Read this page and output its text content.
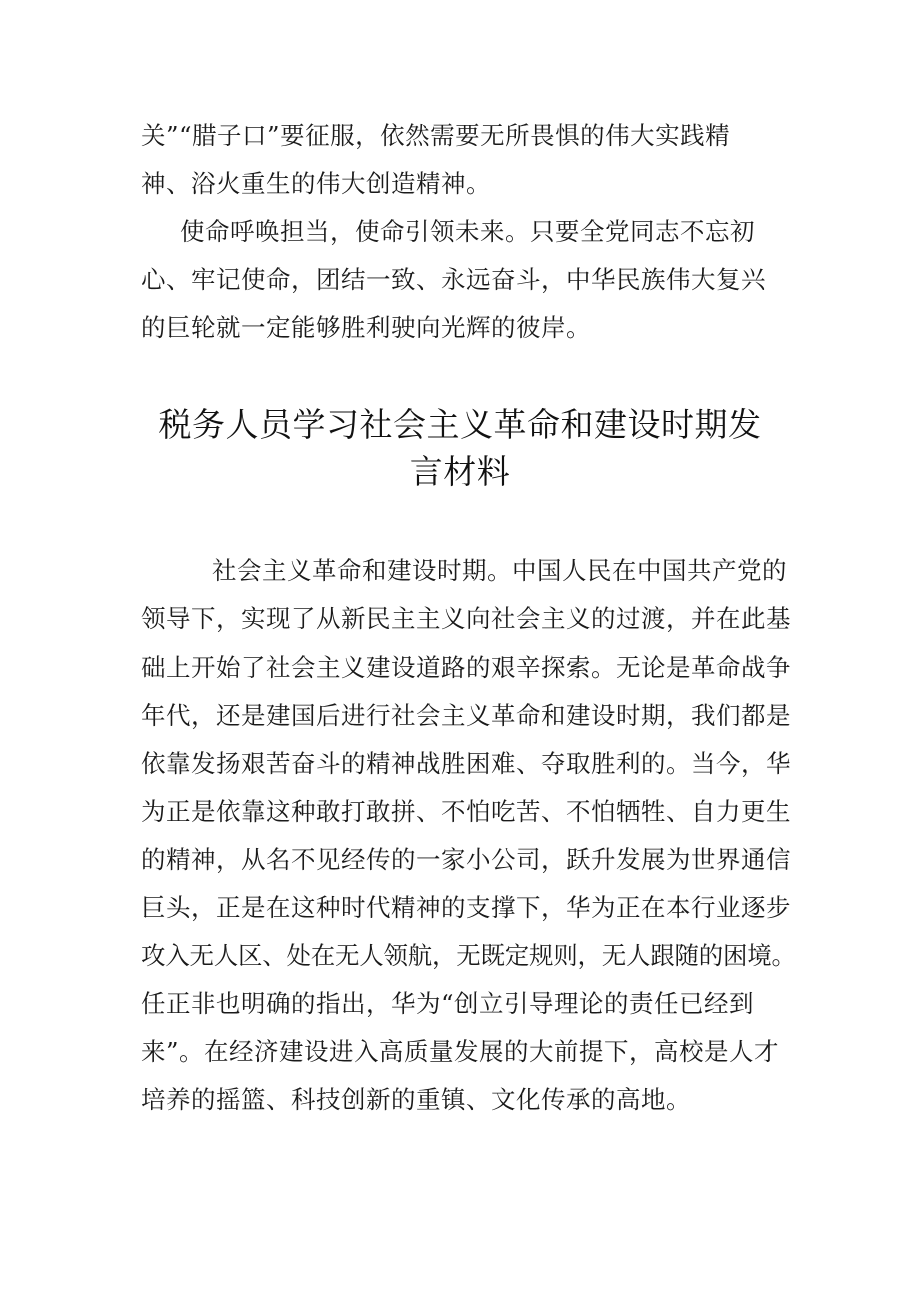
关”“腊子口”要征服，依然需要无所畏惧的伟大实践精
神、浴火重生的伟大创造精神。
使命呼唤担当，使命引领未来。只要全党同志不忘初
心、牢记使命，团结一致、永远奋斗，中华民族伟大复兴
的巨轮就一定能够胜利驶向光辉的彼岸。
税务人员学习社会主义革命和建设时期发
言材料
社会主义革命和建设时期。中国人民在中国共产党的
领导下，实现了从新民主主义向社会主义的过渡，并在此基
础上开始了社会主义建设道路的艰辛探索。无论是革命战争
年代，还是建国后进行社会主义革命和建设时期，我们都是
依靠发扬艰苦奋斗的精神战胜困难、夺取胜利的。当今，华
为正是依靠这种敢打敢拼、不怕吃苦、不怕牺牲、自力更生
的精神，从名不见经传的一家小公司，跃升发展为世界通信
巨头，正是在这种时代精神的支撑下，华为正在本行业逐步
攻入无人区、处在无人领航，无既定规则，无人跟随的困境。
任正非也明确的指出，华为“创立引导理论的责任已经到
来”。在经济建设进入高质量发展的大前提下，高校是人才
培养的摇篮、科技创新的重镇、文化传承的高地。
